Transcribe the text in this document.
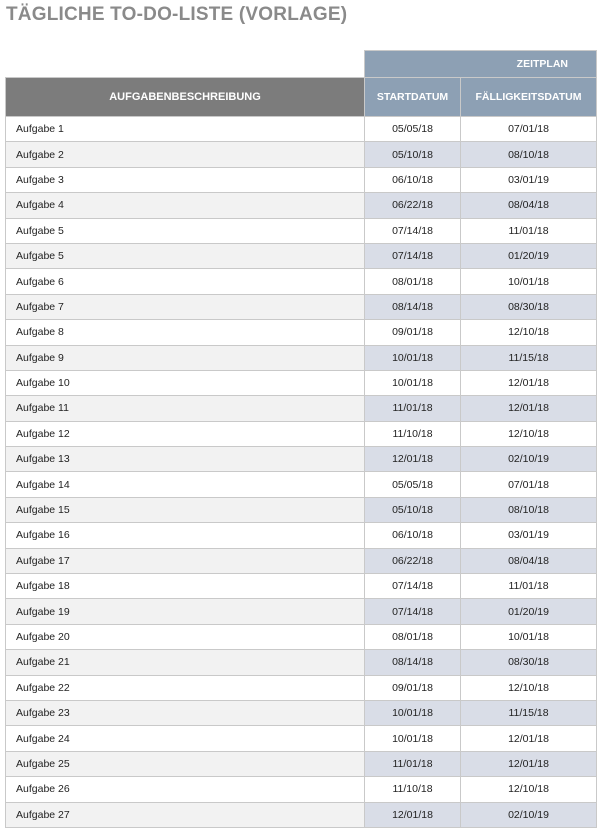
TÄGLICHE TO-DO-LISTE (VORLAGE)
	ZEITPLAN	
AUFGABENBESCHREIBUNG	STARTDATUM	FÄLLIGKEITSDATUM
Aufgabe 1	05/05/18	07/01/18
Aufgabe 2	05/10/18	08/10/18
Aufgabe 3	06/10/18	03/01/19
Aufgabe 4	06/22/18	08/04/18
Aufgabe 5	07/14/18	11/01/18
Aufgabe 5	07/14/18	01/20/19
Aufgabe 6	08/01/18	10/01/18
Aufgabe 7	08/14/18	08/30/18
Aufgabe 8	09/01/18	12/10/18
Aufgabe 9	10/01/18	11/15/18
Aufgabe 10	10/01/18	12/01/18
Aufgabe 11	11/01/18	12/01/18
Aufgabe 12	11/10/18	12/10/18
Aufgabe 13	12/01/18	02/10/19
Aufgabe 14	05/05/18	07/01/18
Aufgabe 15	05/10/18	08/10/18
Aufgabe 16	06/10/18	03/01/19
Aufgabe 17	06/22/18	08/04/18
Aufgabe 18	07/14/18	11/01/18
Aufgabe 19	07/14/18	01/20/19
Aufgabe 20	08/01/18	10/01/18
Aufgabe 21	08/14/18	08/30/18
Aufgabe 22	09/01/18	12/10/18
Aufgabe 23	10/01/18	11/15/18
Aufgabe 24	10/01/18	12/01/18
Aufgabe 25	11/01/18	12/01/18
Aufgabe 26	11/10/18	12/10/18
Aufgabe 27	12/01/18	02/10/19
